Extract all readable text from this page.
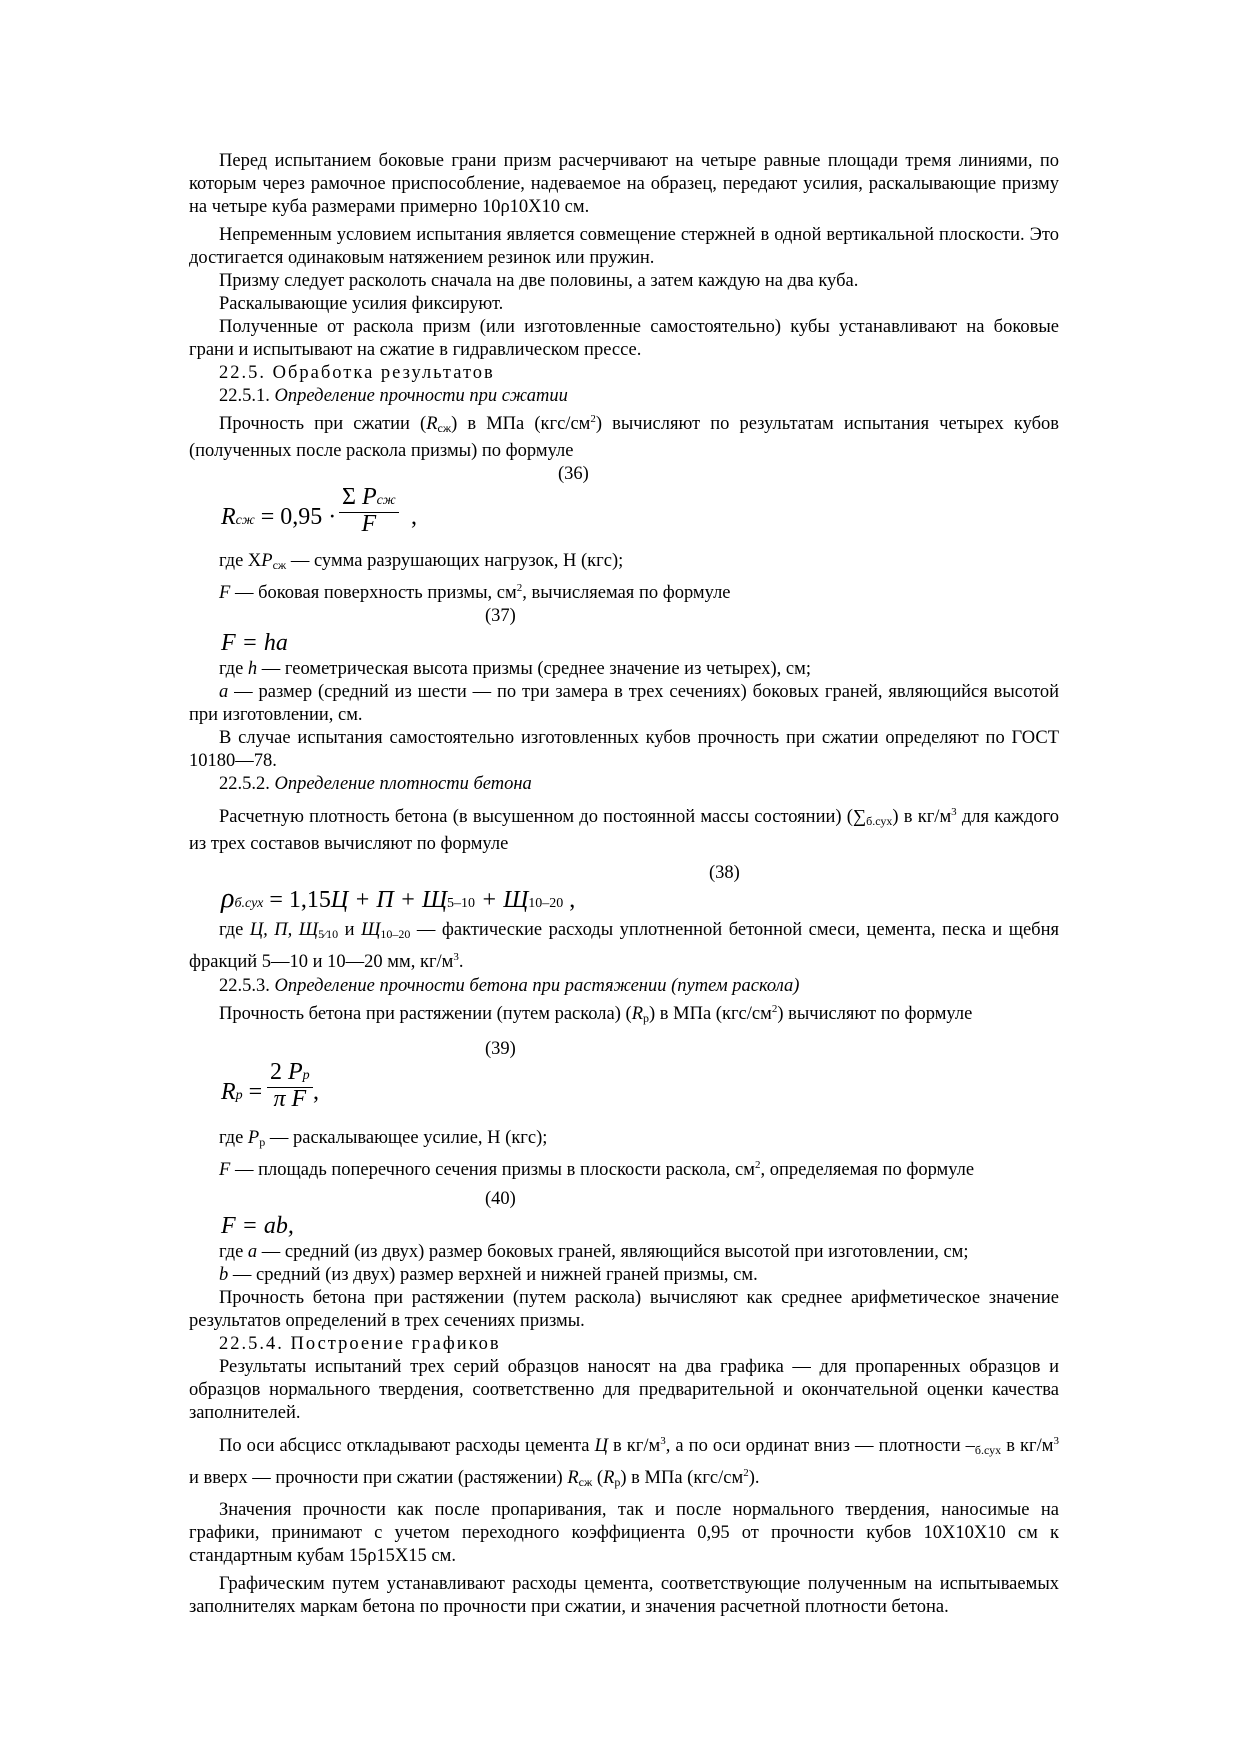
Перед испытанием боковые грани призм расчерчивают на четыре равные площади тремя линиями, по которым через рамочное приспособление, надеваемое на образец, передают усилия, раскалывающие призму на четыре куба размерами примерно 10ρ10Х10 см.

Непременным условием испытания является совмещение стержней в одной вертикальной плоскости. Это достигается одинаковым натяжением резинок или пружин.

Призму следует расколоть сначала на две половины, а затем каждую на два куба.

Раскалывающие усилия фиксируют.

Полученные от раскола призм (или изготовленные самостоятельно) кубы устанавливают на боковые грани и испытывают на сжатие в гидравлическом прессе.

22.5. Обработка результатов

22.5.1. Определение прочности при сжатии

Прочность при сжатии $(R_{сж})$ в МПа $(кгс/см^2)$ вычисляют по результатам испытания четырех кубов (полученных после раскола призмы) по формуле

(36)

Rсж = 0,95 ·
Σ Pсж
F	,

где $ХP_{сж}$ — сумма разрушающих нагрузок, Н (кгс);

F — боковая поверхность призмы, $см^2$, вычисляемая по формуле

(37)

F = ha

где h — геометрическая высота призмы (среднее значение из четырех), см;

a — размер (средний из шести — по три замера в трех сечениях) боковых граней, являющийся высотой при изготовлении, см.

В случае испытания самостоятельно изготовленных кубов прочность при сжатии определяют по ГОСТ 10180—78.

22.5.2. Определение плотности бетона

Расчетную плотность бетона (в высушенном до постоянной массы состоянии) $(\sum_{б.сух})$ в $кг/м^3$ для каждого из трех составов вычисляют по формуле

(38)

ρб.сух = 1,15Ц + П + Щ5–10 + Щ10–20 ,

где Ц, П, $Щ_{5⁄10}$ и $Щ_{10-20}$ — фактические расходы уплотненной бетонной смеси, цемента, песка и щебня фракций 5—10 и 10—20 мм, $кг/м^3$.

22.5.3. Определение прочности бетона при растяжении (путем раскола)

Прочность бетона при растяжении (путем раскола) $(R_р)$ в МПа $(кгс/см^2)$ вычисляют по формуле

(39)

Rр =
2 Pр
π F ,

где $P_р$ — раскалывающее усилие, Н (кгс);

F — площадь поперечного сечения призмы в плоскости раскола, $см^2$, определяемая по формуле

(40)

F = ab,

где a — средний (из двух) размер боковых граней, являющийся высотой при изготовлении, см;

b — средний (из двух) размер верхней и нижней граней призмы, см.

Прочность бетона при растяжении (путем раскола) вычисляют как среднее арифметическое значение результатов определений в трех сечениях призмы.

22.5.4. Построение графиков

Результаты испытаний трех серий образцов наносят на два графика — для пропаренных образцов и образцов нормального твердения, соответственно для предварительной и окончательной оценки качества заполнителей.

По оси абсцисс откладывают расходы цемента Ц в $кг/м^3$, а по оси ординат вниз — плотности $-_{б.сух}$ в $кг/м^3$ и вверх — прочности при сжатии (растяжении) $R_{сж}$ $(R_р)$ в МПа $(кгс/см^2)$.

Значения прочности как после пропаривания, так и после нормального твердения, наносимые на графики, принимают с учетом переходного коэффициента 0,95 от прочности кубов 10Х10Х10 см к стандартным кубам 15ρ15Х15 см.

Графическим путем устанавливают расходы цемента, соответствующие полученным на испытываемых заполнителях маркам бетона по прочности при сжатии, и значения расчетной плотности бетона.
